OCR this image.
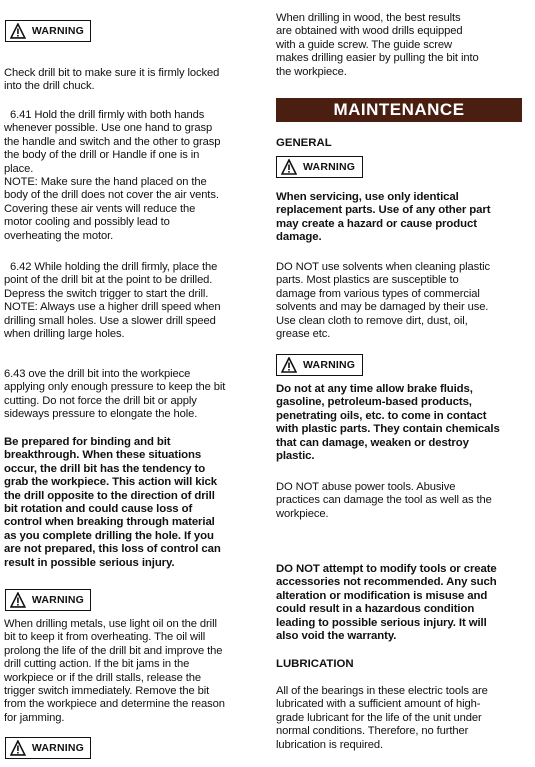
WARNING

Check drill bit to make sure it is firmly locked
into the drill chuck.

6.41 Hold the drill firmly with both hands
whenever possible. Use one hand to grasp
the handle and switch and the other to grasp
the body of the drill or Handle if one is in
place.
NOTE: Make sure the hand placed on the
body of the drill does not cover the air vents.
Covering these air vents will reduce the
motor cooling and possibly lead to
overheating the motor.

6.42 While holding the drill firmly, place the
point of the drill bit at the point to be drilled.
Depress the switch trigger to start the drill.
NOTE: Always use a higher drill speed when
drilling small holes. Use a slower drill speed
when drilling large holes.

6.43 ove the drill bit into the workpiece
applying only enough pressure to keep the bit
cutting. Do not force the drill bit or apply
sideways pressure to elongate the hole.

Be prepared for binding and bit
breakthrough. When these situations
occur, the drill bit has the tendency to
grab the workpiece. This action will kick
the drill opposite to the direction of drill
bit rotation and could cause loss of
control when breaking through material
as you complete drilling the hole. If you
are not prepared, this loss of control can
result in possible serious injury.

WARNING

When drilling metals, use light oil on the drill
bit to keep it from overheating. The oil will
prolong the life of the drill bit and improve the
drill cutting action. If the bit jams in the
workpiece or if the drill stalls, release the
trigger switch immediately. Remove the bit
from the workpiece and determine the reason
for jamming.

WARNING

When drilling in wood, the best results
are obtained with wood drills equipped
with a guide screw. The guide screw
makes drilling easier by pulling the bit into
the workpiece.

MAINTENANCE

GENERAL

WARNING

When servicing, use only identical
replacement parts. Use of any other part
may create a hazard or cause product
damage.

DO NOT use solvents when cleaning plastic
parts. Most plastics are susceptible to
damage from various types of commercial
solvents and may be damaged by their use.
Use clean cloth to remove dirt, dust, oil,
grease etc.

WARNING

Do not at any time allow brake fluids,
gasoline, petroleum-based products,
penetrating oils, etc. to come in contact
with plastic parts. They contain chemicals
that can damage, weaken or destroy
plastic.

DO NOT abuse power tools. Abusive
practices can damage the tool as well as the
workpiece.

DO NOT attempt to modify tools or create
accessories not recommended. Any such
alteration or modification is misuse and
could result in a hazardous condition
leading to possible serious injury. It will
also void the warranty.

LUBRICATION

All of the bearings in these electric tools are
lubricated with a sufficient amount of high-
grade lubricant for the life of the unit under
normal conditions. Therefore, no further
lubrication is required.
